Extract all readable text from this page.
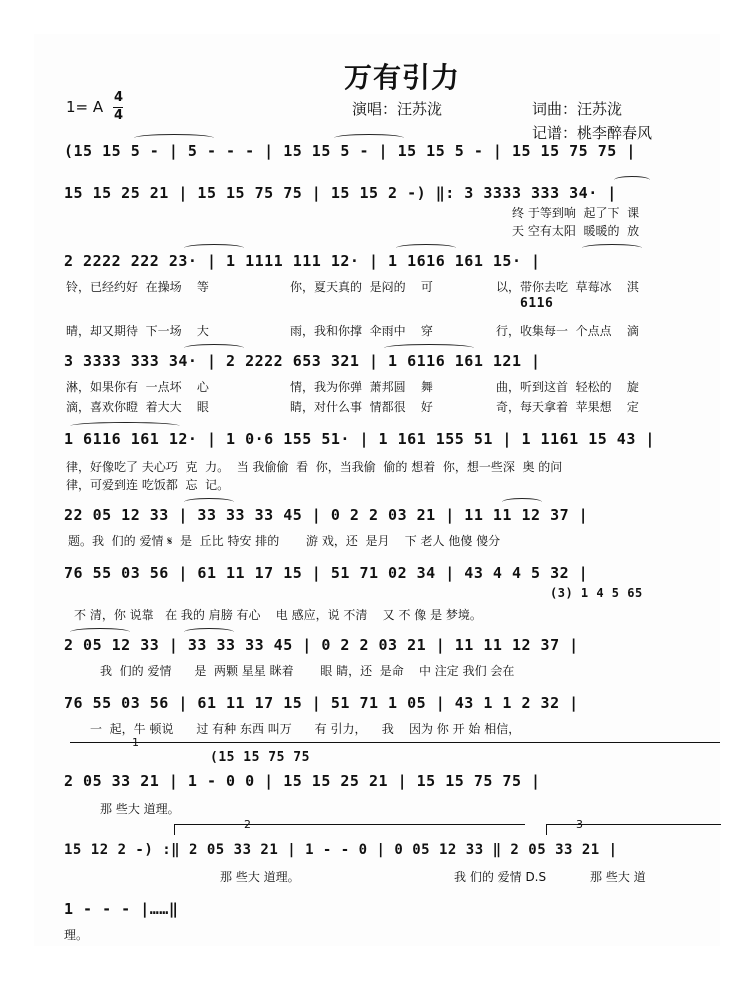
万有引力
1= A
4
4	演唱：汪苏泷	词曲：汪苏泷
记谱：桃李醉春风
(15 15 5 - | 5 - - - | 15 15 5 - | 15 15 5 - | 15 15 75 75 |
15 15 25 21 | 15 15 75 75 | 15 15 2 -) ‖: 3 3333 333 34· |
终 于等到响  起了下  课
天 空有太阳  暖暖的  放
2 2222 222 23· | 1 1111 111 12· | 1 1616 161 15· |
铃，已经约好  在操场    等	你，夏天真的  是闷的    可	以，带你去吃  草莓冰    淇
6116
晴，却又期待  下一场    大	雨，我和你撑  伞雨中    穿	行，收集每一  个点点    滴
3 3333 333 34· | 2 2222 653 321 | 1 6116 161 121 |
淋，如果你有  一点坏    心	情，我为你弹  萧邦圆    舞	曲，听到这首  轻松的    旋
滴，喜欢你瞪  着大大    眼	睛，对什么事  情都很    好	奇，每天拿着  苹果想    定
1 6116 161 12· | 1 0·6 155 51· | 1 161 155 51 | 1 1161 15 43 |
律，好像吃了 夫心巧  克  力。  当 我偷偷  看  你，当我偷  偷的 想着  你，想一些深  奥 的问
律，可爱到连 吃饭都  忘  记。
22 05 12 33 | 33 33 33 45 | 0 2 2 03 21 | 11 11 12 37 |
题。我  们的 爱情 𝄋  是  丘比 特安 排的       游 戏，还  是月    下 老人 他傻 傻分
76 55 03 56 | 61 11 17 15 | 51 71 02 34 | 43 4 4 5 32 |
(3) 1 4 5 65
不 清，你 说靠   在 我的 肩膀 有心    电 感应，说 不清    又 不 像 是 梦境。
2 05 12 33 | 33 33 33 45 | 0 2 2 03 21 | 11 11 12 37 |
我  们的 爱情      是  两颗 星星 眯着       眼 睛，还  是命    中 注定 我们 会在
76 55 03 56 | 61 11 17 15 | 51 71 1 05 | 43 1 1 2 32 |
一  起，牛 顿说      过 有种 东西 叫万      有 引力，    我    因为 你 开 始 相信，
1
(15 15 75 75
2 05 33 21 | 1 - 0 0 | 15 15 25 21 | 15 15 75 75 |
那 些大 道理。
2	3
15 12 2 -) :‖ 2 05 33 21 | 1 - - 0 | 0 05 12 33 ‖ 2 05 33 21 |
那 些大 道理。	我 们的 爱情 D.S	那 些大 道
1 - - - |……‖
理。
